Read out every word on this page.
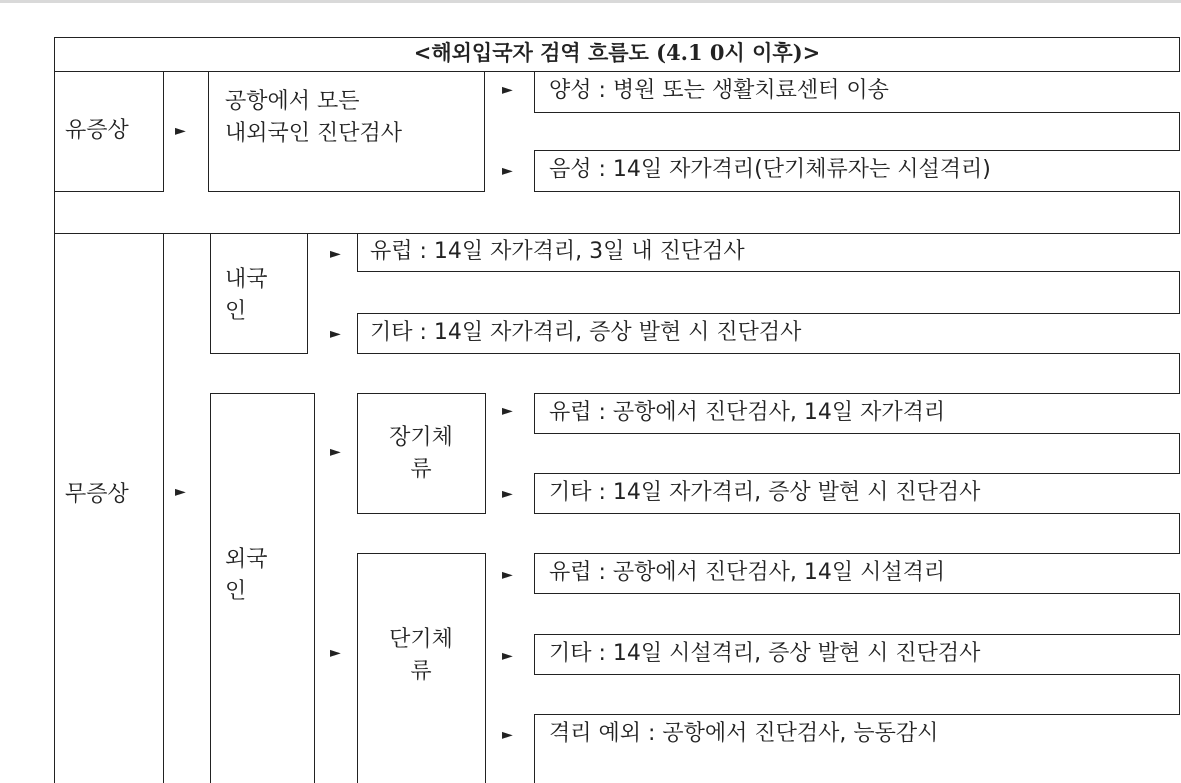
<해외입국자 검역 흐름도 (4.1 0시 이후)>
유증상	►
공항에서 모든
내외국인 진단검사
► 양성 : 병원 또는 생활치료센터 이송
► 음성 : 14일 자가격리(단기체류자는 시설격리)
무증상	►
내국
인
► 유럽 : 14일 자가격리, 3일 내 진단검사
► 기타 : 14일 자가격리, 증상 발현 시 진단검사
외국
인
►
장기체
류
► 유럽 : 공항에서 진단검사, 14일 자가격리
► 기타 : 14일 자가격리, 증상 발현 시 진단검사
►
단기체
류
► 유럽 : 공항에서 진단검사, 14일 시설격리
► 기타 : 14일 시설격리, 증상 발현 시 진단검사
► 격리 예외 : 공항에서 진단검사, 능동감시
